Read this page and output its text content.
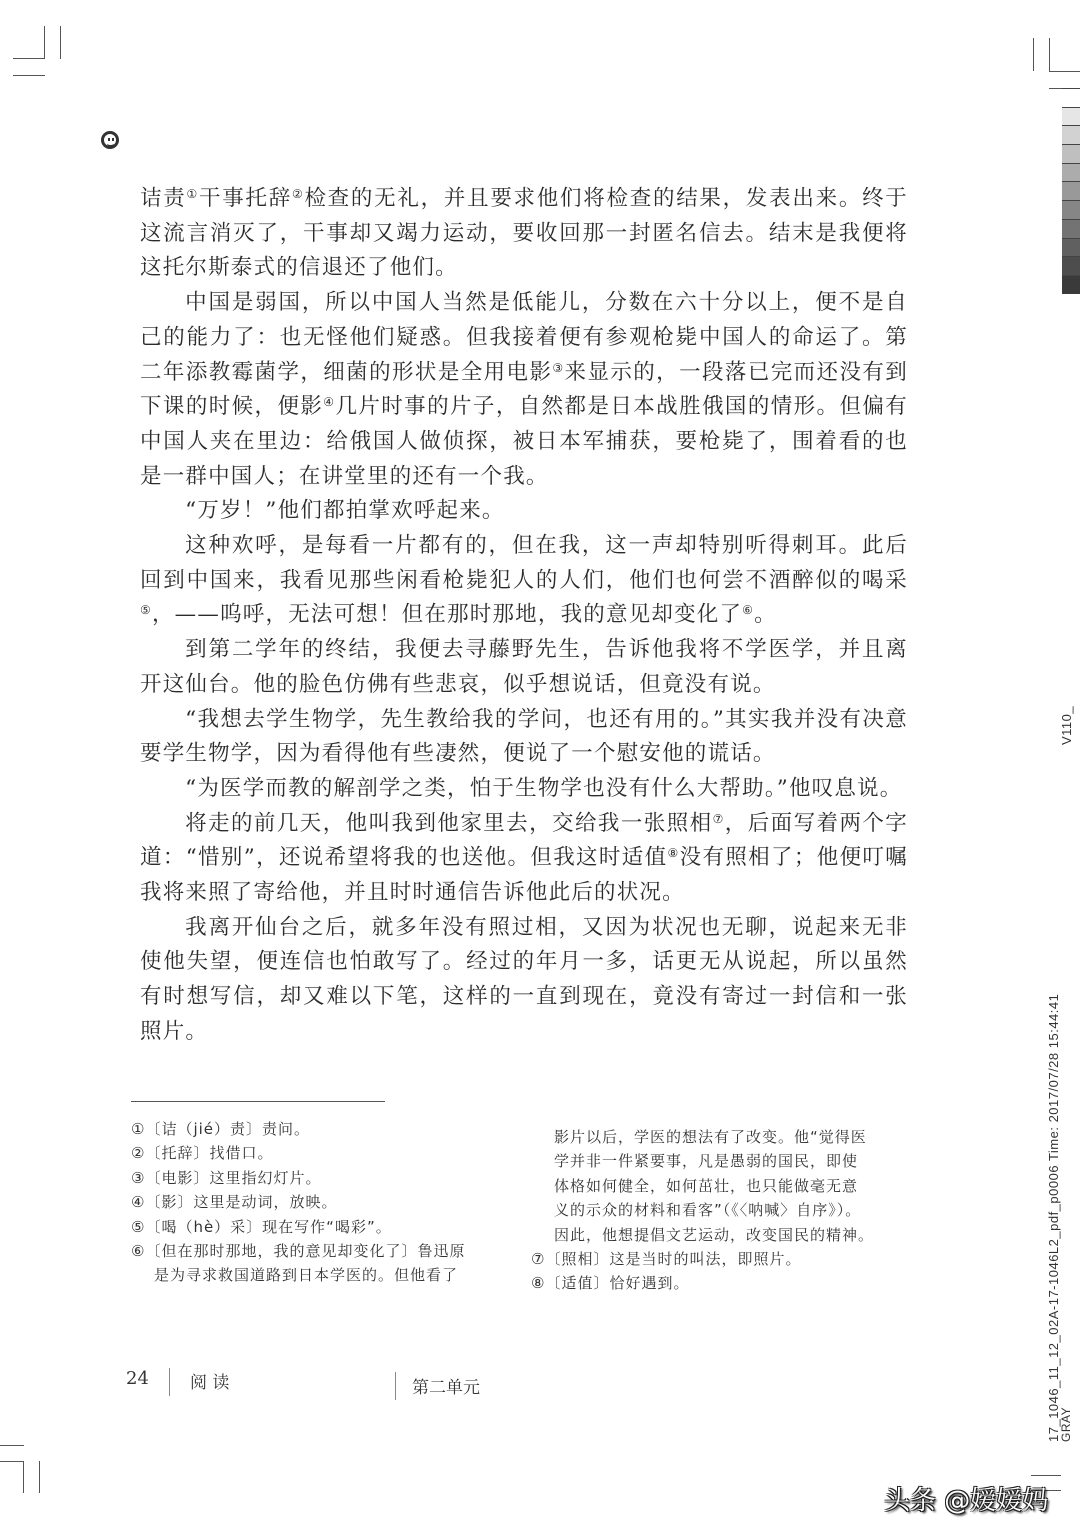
诘责①干事托辞②检查的无礼，并且要求他们将检查的结果，发表出来。终于这流言消灭了，干事却又竭力运动，要收回那一封匿名信去。结末是我便将这托尔斯泰式的信退还了他们。

中国是弱国，所以中国人当然是低能儿，分数在六十分以上，便不是自己的能力了：也无怪他们疑惑。但我接着便有参观枪毙中国人的命运了。第二年添教霉菌学，细菌的形状是全用电影③来显示的，一段落已完而还没有到下课的时候，便影④几片时事的片子，自然都是日本战胜俄国的情形。但偏有中国人夹在里边：给俄国人做侦探，被日本军捕获，要枪毙了，围着看的也是一群中国人；在讲堂里的还有一个我。

“万岁！”他们都拍掌欢呼起来。

这种欢呼，是每看一片都有的，但在我，这一声却特别听得刺耳。此后回到中国来，我看见那些闲看枪毙犯人的人们，他们也何尝不酒醉似的喝采⑤，——呜呼，无法可想！但在那时那地，我的意见却变化了⑥。

到第二学年的终结，我便去寻藤野先生，告诉他我将不学医学，并且离开这仙台。他的脸色仿佛有些悲哀，似乎想说话，但竟没有说。

“我想去学生物学，先生教给我的学问，也还有用的。”其实我并没有决意要学生物学，因为看得他有些凄然，便说了一个慰安他的谎话。

“为医学而教的解剖学之类，怕于生物学也没有什么大帮助。”他叹息说。

将走的前几天，他叫我到他家里去，交给我一张照相⑦，后面写着两个字道：“惜别”，还说希望将我的也送他。但我这时适值⑧没有照相了；他便叮嘱我将来照了寄给他，并且时时通信告诉他此后的状况。

我离开仙台之后，就多年没有照过相，又因为状况也无聊，说起来无非使他失望，便连信也怕敢写了。经过的年月一多，话更无从说起，所以虽然有时想写信，却又难以下笔，这样的一直到现在，竟没有寄过一封信和一张照片。

①〔诘（jié）责〕责问。
②〔托辞〕找借口。
③〔电影〕这里指幻灯片。
④〔影〕这里是动词，放映。
⑤〔喝（hè）采〕现在写作“喝彩”。
⑥〔但在那时那地，我的意见却变化了〕鲁迅原
是为寻求救国道路到日本学医的。但他看了
影片以后，学医的想法有了改变。他“觉得医
学并非一件紧要事，凡是愚弱的国民，即使
体格如何健全，如何茁壮，也只能做毫无意
义的示众的材料和看客”（《〈呐喊〉自序》）。
因此，他想提倡文艺运动，改变国民的精神。
⑦〔照相〕这是当时的叫法，即照片。
⑧〔适值〕恰好遇到。
24 阅 读	第二单元
V110_
17_1046_11_12_02A-17-1046L2_pdf_p0006 Time: 2017/07/28 15:44:41
GRAY
头条 @嫒嫒妈
